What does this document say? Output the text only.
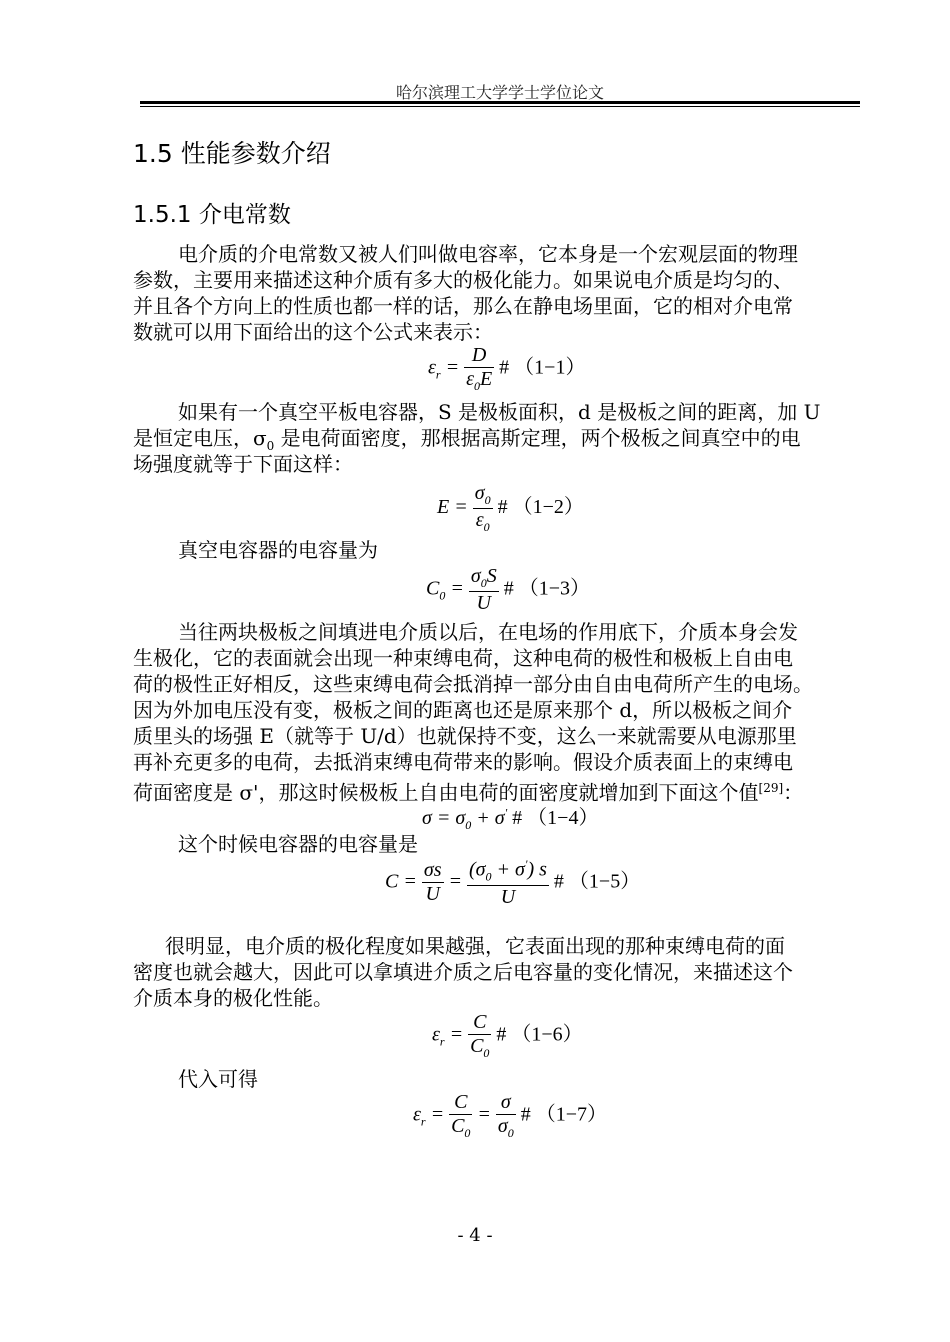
哈尔滨理工大学学士学位论文
1.5 性能参数介绍
1.5.1 介电常数
电介质的介电常数又被人们叫做电容率，它本身是一个宏观层面的物理
参数，主要用来描述这种介质有多大的极化能力。如果说电介质是均匀的、
并且各个方向上的性质也都一样的话，那么在静电场里面，它的相对介电常
数就可以用下面给出的这个公式来表示：
$\varepsilon_r = \frac{D}{\varepsilon_0E}$ # （1−1）
如果有一个真空平板电容器，S 是极板面积，d 是极板之间的距离，加 U
是恒定电压，$\sigma_0$ 是电荷面密度，那根据高斯定理，两个极板之间真空中的电
场强度就等于下面这样：
$E = \frac{\sigma_0}{\varepsilon_0}$ # （1−2）
真空电容器的电容量为
$C_0 = \frac{\sigma_0S}{U}$ # （1−3）
当往两块极板之间填进电介质以后，在电场的作用底下，介质本身会发
生极化，它的表面就会出现一种束缚电荷，这种电荷的极性和极板上自由电
荷的极性正好相反，这些束缚电荷会抵消掉一部分由自由电荷所产生的电场。
因为外加电压没有变，极板之间的距离也还是原来那个 d，所以极板之间介
质里头的场强 E（就等于 U/d）也就保持不变，这么一来就需要从电源那里
再补充更多的电荷，去抵消束缚电荷带来的影响。假设介质表面上的束缚电
荷面密度是 σ'，那这时候极板上自由电荷的面密度就增加到下面这个值[29]：
$\sigma = \sigma_0 + \sigma'$ # （1−4）
这个时候电容器的电容量是
$C = \frac{\sigma s}{U} = \frac{(\sigma_0 + \sigma') s}{U}$ # （1−5）
很明显，电介质的极化程度如果越强，它表面出现的那种束缚电荷的面
密度也就会越大，因此可以拿填进介质之后电容量的变化情况，来描述这个
介质本身的极化性能。
$\varepsilon_r = \frac{C}{C_0}$ # （1−6）
代入可得
$\varepsilon_r = \frac{C}{C_0} = \frac{\sigma}{\sigma_0}$ # （1−7）
- 4 -
